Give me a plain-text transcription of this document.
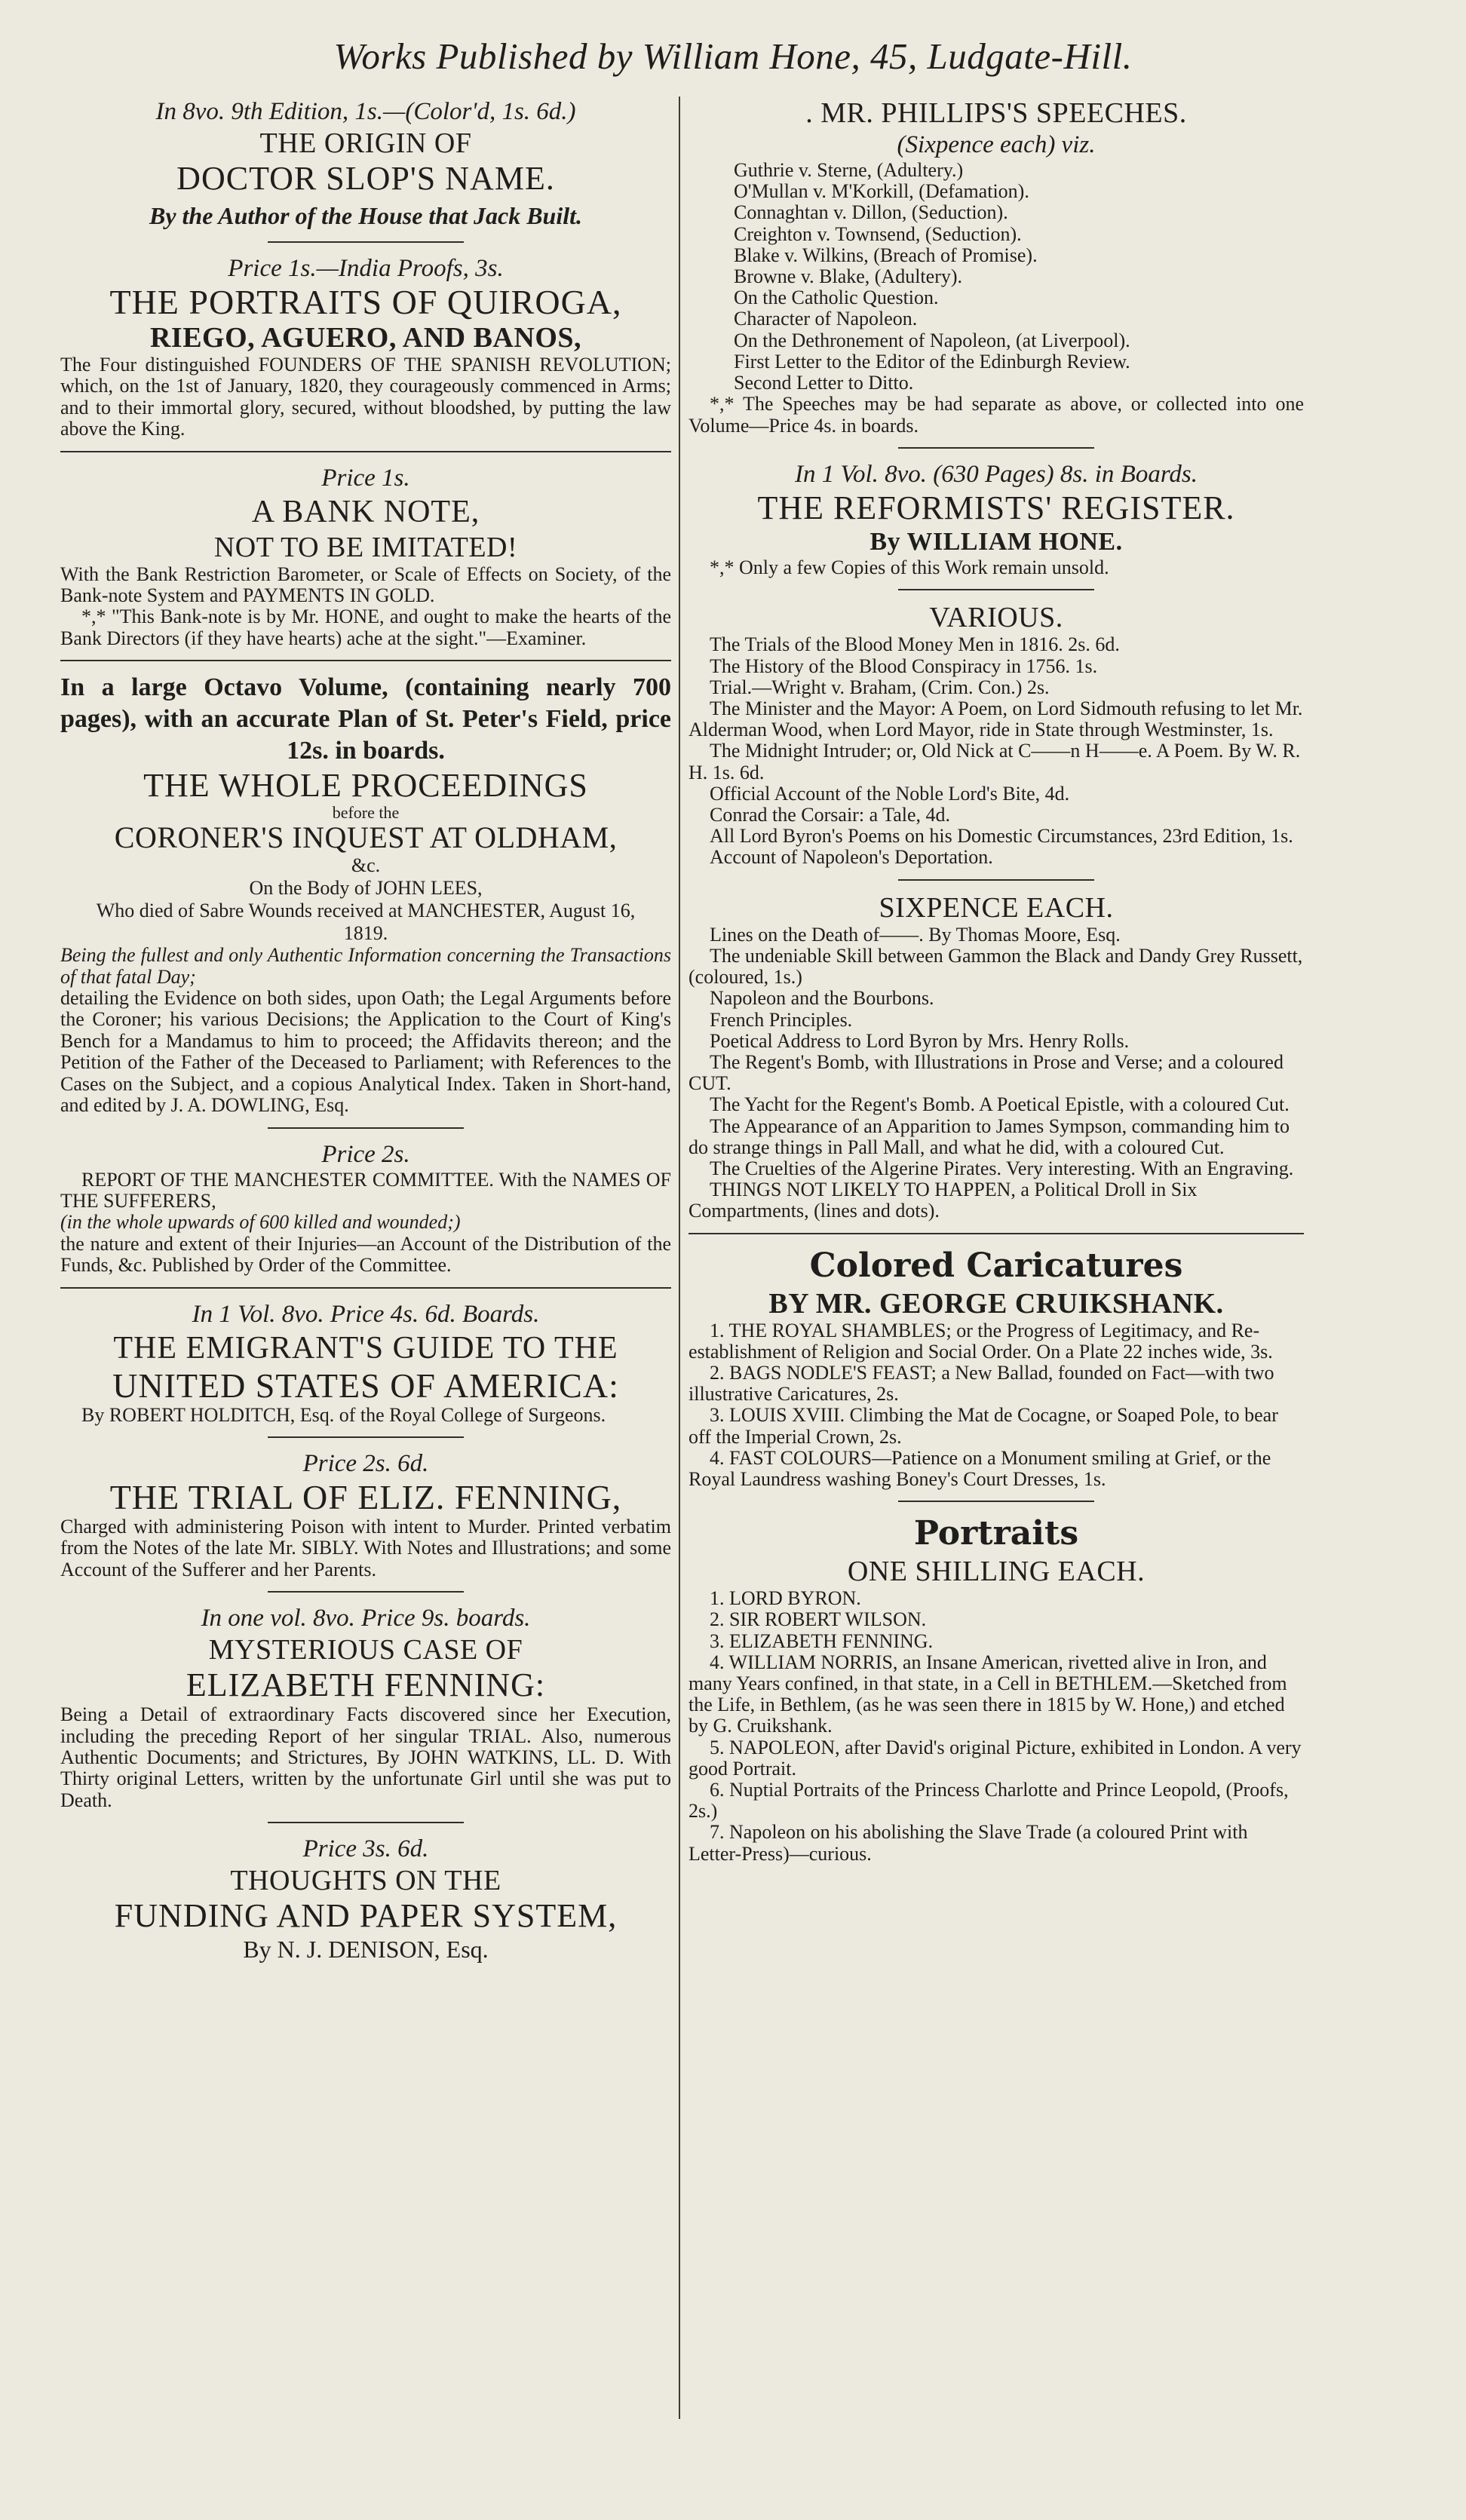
Works Published by William Hone, 45, Ludgate-Hill.
In 8vo. 9th Edition, 1s.—(Color'd, 1s. 6d.)
THE ORIGIN OF
DOCTOR SLOP'S NAME.
By the Author of the House that Jack Built.
Price 1s.—India Proofs, 3s.
THE PORTRAITS OF QUIROGA,
RIEGO, AGUERO, AND BANOS,

The Four distinguished FOUNDERS OF THE SPANISH REVOLUTION; which, on the 1st of January, 1820, they courageously commenced in Arms; and to their immortal glory, secured, without bloodshed, by putting the law above the King.

Price 1s.
A BANK NOTE,
NOT TO BE IMITATED!

With the Bank Restriction Barometer, or Scale of Effects on Society, of the Bank-note System and PAYMENTS IN GOLD.

*,* "This Bank-note is by Mr. HONE, and ought to make the hearts of the Bank Directors (if they have hearts) ache at the sight."—Examiner.

In a large Octavo Volume, (containing nearly 700 pages), with an accurate Plan of St. Peter's Field, price 12s. in boards.
THE WHOLE PROCEEDINGS
before the
CORONER'S INQUEST AT OLDHAM,
&c.
On the Body of JOHN LEES,
Who died of Sabre Wounds received at MANCHESTER, August 16, 1819.

Being the fullest and only Authentic Information concerning the Transactions of that fatal Day;

detailing the Evidence on both sides, upon Oath; the Legal Arguments before the Coroner; his various Decisions; the Application to the Court of King's Bench for a Mandamus to him to proceed; the Affidavits thereon; and the Petition of the Father of the Deceased to Parliament; with References to the Cases on the Subject, and a copious Analytical Index. Taken in Short-hand, and edited by J. A. DOWLING, Esq.

Price 2s.

REPORT OF THE MANCHESTER COMMITTEE. With the NAMES OF THE SUFFERERS,

(in the whole upwards of 600 killed and wounded;)

the nature and extent of their Injuries—an Account of the Distribution of the Funds, &c. Published by Order of the Committee.

In 1 Vol. 8vo. Price 4s. 6d. Boards.
THE EMIGRANT'S GUIDE TO THE
UNITED STATES OF AMERICA:

By ROBERT HOLDITCH, Esq. of the Royal College of Surgeons.

Price 2s. 6d.
THE TRIAL OF ELIZ. FENNING,

Charged with administering Poison with intent to Murder. Printed verbatim from the Notes of the late Mr. SIBLY. With Notes and Illustrations; and some Account of the Sufferer and her Parents.

In one vol. 8vo. Price 9s. boards.
MYSTERIOUS CASE OF
ELIZABETH FENNING:

Being a Detail of extraordinary Facts discovered since her Execution, including the preceding Report of her singular TRIAL. Also, numerous Authentic Documents; and Strictures, By JOHN WATKINS, LL. D. With Thirty original Letters, written by the unfortunate Girl until she was put to Death.

Price 3s. 6d.
THOUGHTS ON THE
FUNDING AND PAPER SYSTEM,
By N. J. DENISON, Esq.
. MR. PHILLIPS'S SPEECHES.
(Sixpence each) viz.
Guthrie v. Sterne, (Adultery.)
O'Mullan v. M'Korkill, (Defamation).
Connaghtan v. Dillon, (Seduction).
Creighton v. Townsend, (Seduction).
Blake v. Wilkins, (Breach of Promise).
Browne v. Blake, (Adultery).
On the Catholic Question.
Character of Napoleon.
On the Dethronement of Napoleon, (at Liverpool).
First Letter to the Editor of the Edinburgh Review.
Second Letter to Ditto.

*,* The Speeches may be had separate as above, or collected into one Volume—Price 4s. in boards.

In 1 Vol. 8vo. (630 Pages) 8s. in Boards.
THE REFORMISTS' REGISTER.
By WILLIAM HONE.

*,* Only a few Copies of this Work remain unsold.

VARIOUS.
The Trials of the Blood Money Men in 1816. 2s. 6d.
The History of the Blood Conspiracy in 1756. 1s.
Trial.—Wright v. Braham, (Crim. Con.) 2s.
The Minister and the Mayor: A Poem, on Lord Sidmouth refusing to let Mr. Alderman Wood, when Lord Mayor, ride in State through Westminster, 1s.
The Midnight Intruder; or, Old Nick at C——n H——e. A Poem. By W. R. H. 1s. 6d.
Official Account of the Noble Lord's Bite, 4d.
Conrad the Corsair: a Tale, 4d.
All Lord Byron's Poems on his Domestic Circumstances, 23rd Edition, 1s.
Account of Napoleon's Deportation.
SIXPENCE EACH.
Lines on the Death of——. By Thomas Moore, Esq.
The undeniable Skill between Gammon the Black and Dandy Grey Russett, (coloured, 1s.)
Napoleon and the Bourbons.
French Principles.
Poetical Address to Lord Byron by Mrs. Henry Rolls.
The Regent's Bomb, with Illustrations in Prose and Verse; and a coloured CUT.
The Yacht for the Regent's Bomb. A Poetical Epistle, with a coloured Cut.
The Appearance of an Apparition to James Sympson, commanding him to do strange things in Pall Mall, and what he did, with a coloured Cut.
The Cruelties of the Algerine Pirates. Very interesting. With an Engraving.
THINGS NOT LIKELY TO HAPPEN, a Political Droll in Six Compartments, (lines and dots).
Colored Caricatures
BY MR. GEORGE CRUIKSHANK.
1. THE ROYAL SHAMBLES; or the Progress of Legitimacy, and Re-establishment of Religion and Social Order. On a Plate 22 inches wide, 3s.
2. BAGS NODLE'S FEAST; a New Ballad, founded on Fact—with two illustrative Caricatures, 2s.
3. LOUIS XVIII. Climbing the Mat de Cocagne, or Soaped Pole, to bear off the Imperial Crown, 2s.
4. FAST COLOURS—Patience on a Monument smiling at Grief, or the Royal Laundress washing Boney's Court Dresses, 1s.
Portraits
ONE SHILLING EACH.
1. LORD BYRON.
2. SIR ROBERT WILSON.
3. ELIZABETH FENNING.
4. WILLIAM NORRIS, an Insane American, rivetted alive in Iron, and many Years confined, in that state, in a Cell in BETHLEM.—Sketched from the Life, in Bethlem, (as he was seen there in 1815 by W. Hone,) and etched by G. Cruikshank.
5. NAPOLEON, after David's original Picture, exhibited in London. A very good Portrait.
6. Nuptial Portraits of the Princess Charlotte and Prince Leopold, (Proofs, 2s.)
7. Napoleon on his abolishing the Slave Trade (a coloured Print with Letter-Press)—curious.
